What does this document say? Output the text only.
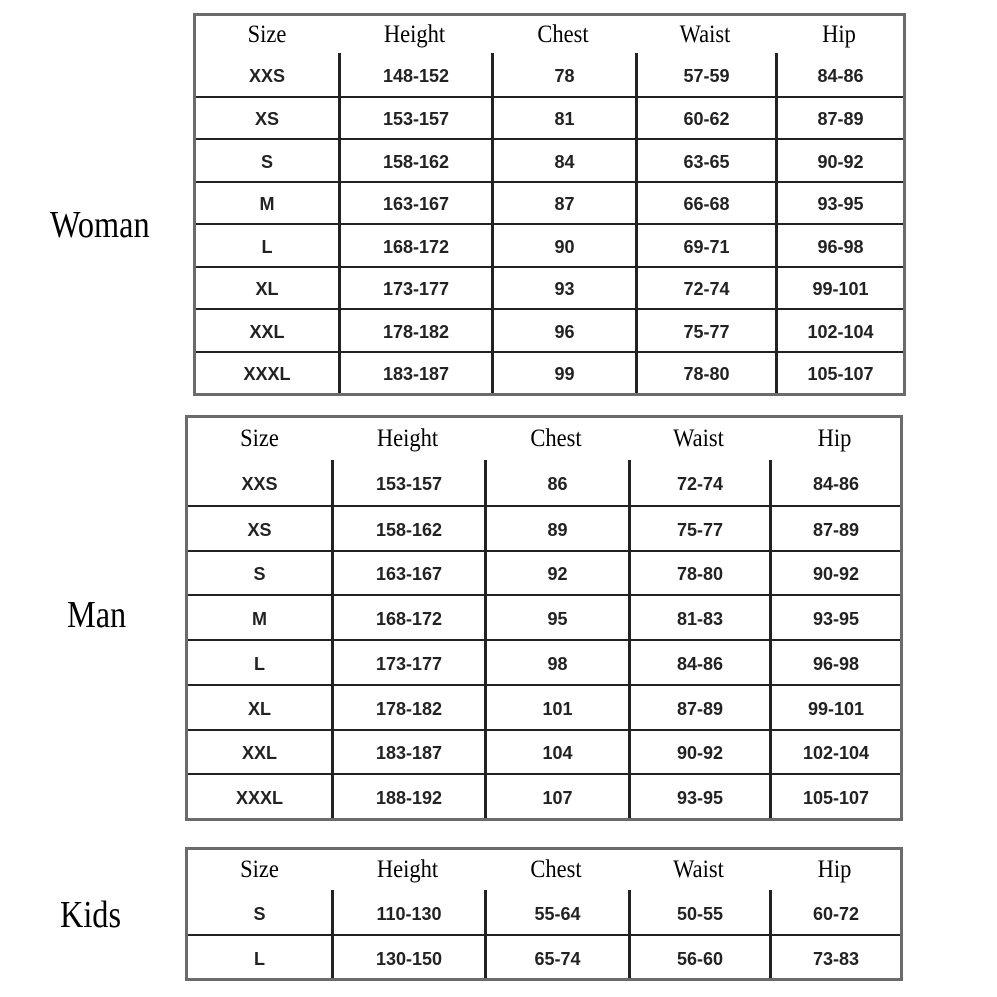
Woman
Size	Height	Chest	Waist	Hip
XXS	148-152	78	57-59	84-86
XS	153-157	81	60-62	87-89
S	158-162	84	63-65	90-92
M	163-167	87	66-68	93-95
L	168-172	90	69-71	96-98
XL	173-177	93	72-74	99-101
XXL	178-182	96	75-77	102-104
XXXL	183-187	99	78-80	105-107
Man
Size	Height	Chest	Waist	Hip
XXS	153-157	86	72-74	84-86
XS	158-162	89	75-77	87-89
S	163-167	92	78-80	90-92
M	168-172	95	81-83	93-95
L	173-177	98	84-86	96-98
XL	178-182	101	87-89	99-101
XXL	183-187	104	90-92	102-104
XXXL	188-192	107	93-95	105-107
Kids
Size	Height	Chest	Waist	Hip
S	110-130	55-64	50-55	60-72
L	130-150	65-74	56-60	73-83
